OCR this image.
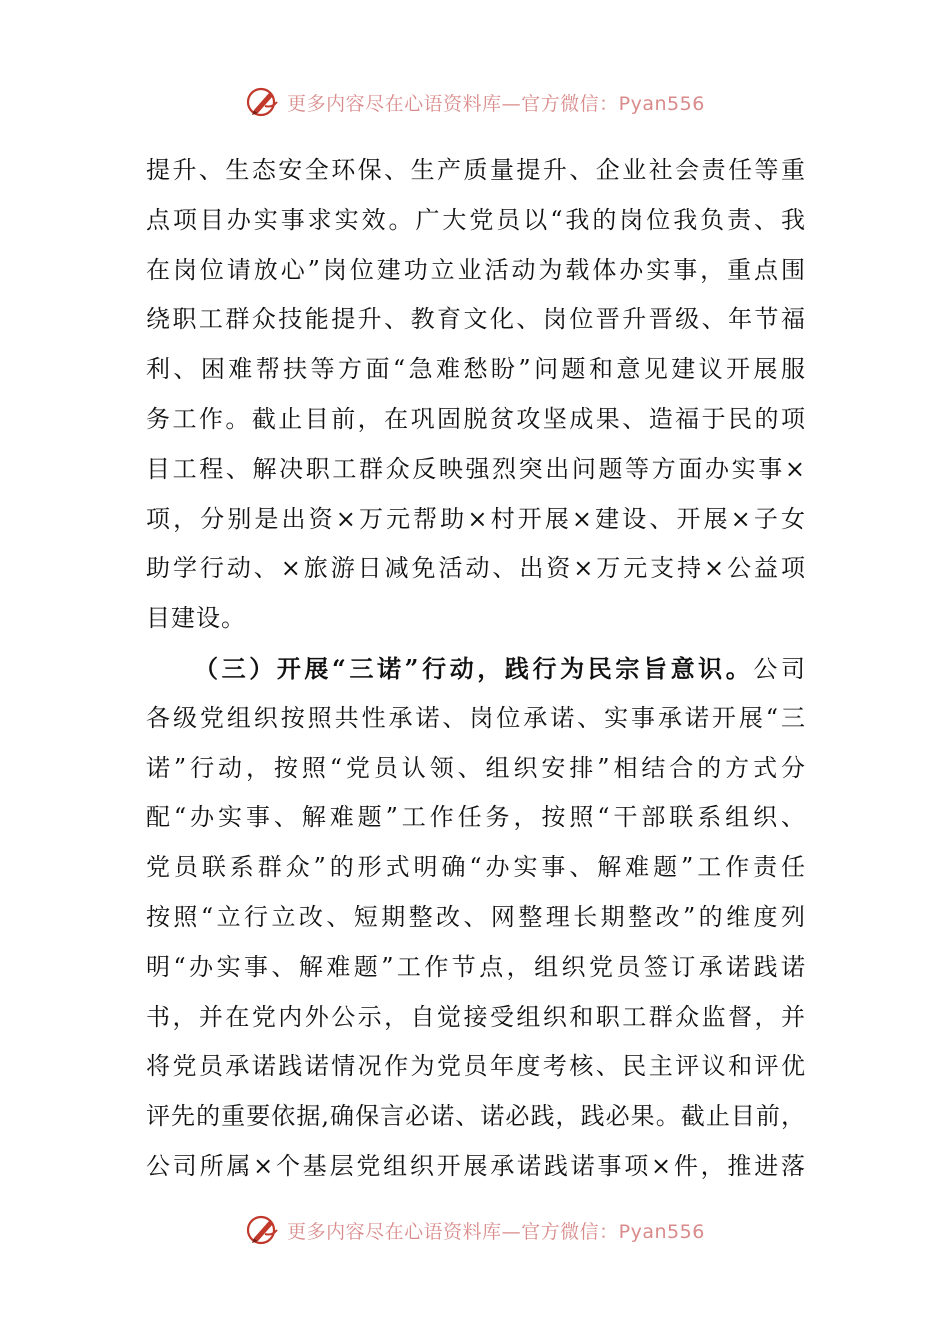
更多内容尽在心语资料库—官方微信：Pyan556
提升、生态安全环保、生产质量提升、企业社会责任等重
点项目办实事求实效。广大党员以“我的岗位我负责、我
在岗位请放心”岗位建功立业活动为载体办实事，重点围
绕职工群众技能提升、教育文化、岗位晋升晋级、年节福
利、困难帮扶等方面“急难愁盼”问题和意见建议开展服
务工作。截止目前，在巩固脱贫攻坚成果、造福于民的项
目工程、解决职工群众反映强烈突出问题等方面办实事×
项，分别是出资×万元帮助×村开展×建设、开展×子女
助学行动、×旅游日减免活动、出资×万元支持×公益项
目建设。
（三）开展“三诺”行动，践行为民宗旨意识。公司
各级党组织按照共性承诺、岗位承诺、实事承诺开展“三
诺”行动，按照“党员认领、组织安排”相结合的方式分
配“办实事、解难题”工作任务，按照“干部联系组织、
党员联系群众”的形式明确“办实事、解难题”工作责任
按照“立行立改、短期整改、网整理长期整改”的维度列
明“办实事、解难题”工作节点，组织党员签订承诺践诺
书，并在党内外公示，自觉接受组织和职工群众监督，并
将党员承诺践诺情况作为党员年度考核、民主评议和评优
评先的重要依据,确保言必诺、诺必践，践必果。截止目前，
公司所属×个基层党组织开展承诺践诺事项×件，推进落
更多内容尽在心语资料库—官方微信：Pyan556
